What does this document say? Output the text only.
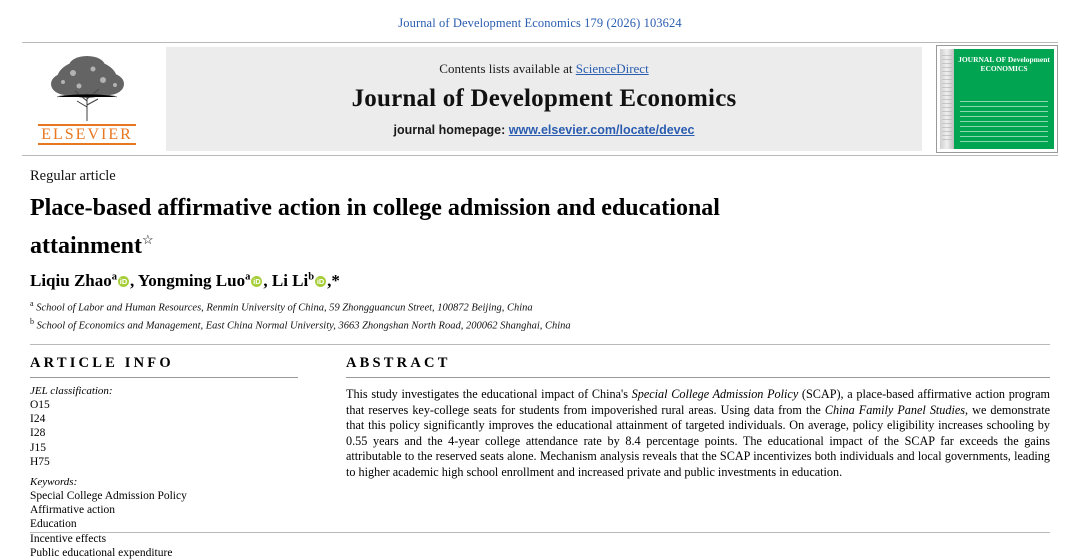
Journal of Development Economics 179 (2026) 103624
ELSEVIER
Contents lists available at ScienceDirect
Journal of Development Economics
journal homepage: www.elsevier.com/locate/devec
JOURNAL OF Development ECONOMICS
Regular article
Place-based affirmative action in college admission and educational attainment☆
Liqiu Zhao$^a$ iD , Yongming Luo$^a$ iD , Li Li$^b$ iD ,*
$^a$ School of Labor and Human Resources, Renmin University of China, 59 Zhongguancun Street, 100872 Beijing, China
$^b$ School of Economics and Management, East China Normal University, 3663 Zhongshan North Road, 200062 Shanghai, China
ARTICLE INFO
JEL classification:
O15
I24
I28
J15
H75
Keywords:
Special College Admission Policy
Affirmative action
Education
Incentive effects
Public educational expenditure
ABSTRACT
This study investigates the educational impact of China's Special College Admission Policy (SCAP), a place-based affirmative action program that reserves key-college seats for students from impoverished rural areas. Using data from the China Family Panel Studies, we demonstrate that this policy significantly improves the educational attainment of targeted individuals. On average, policy eligibility increases schooling by 0.55 years and the 4-year college attendance rate by 8.4 percentage points. The educational impact of the SCAP far exceeds the gains attributable to the reserved seats alone. Mechanism analysis reveals that the SCAP incentivizes both individuals and local governments, leading to higher academic high school enrollment and increased private and public investments in education.
